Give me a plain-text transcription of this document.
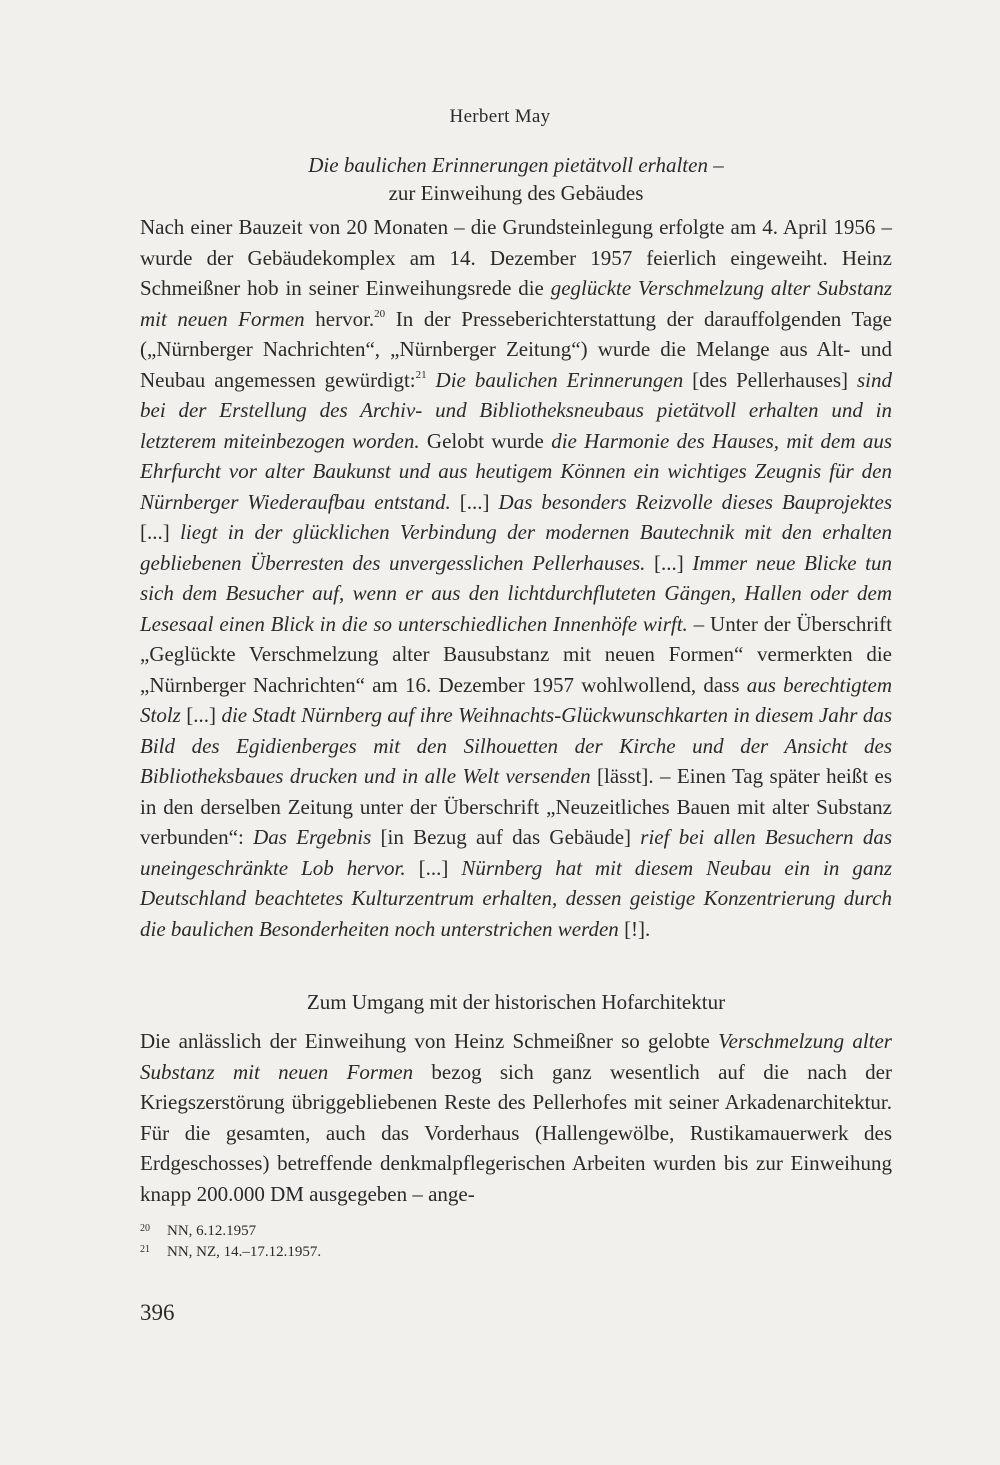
Herbert May
Die baulichen Erinnerungen pietätvoll erhalten –
zur Einweihung des Gebäudes

Nach einer Bauzeit von 20 Monaten – die Grundsteinlegung erfolgte am 4. April 1956 – wurde der Gebäudekomplex am 14. Dezember 1957 feierlich eingeweiht. Heinz Schmeißner hob in seiner Einweihungsrede die geglückte Verschmelzung alter Substanz mit neuen Formen hervor.$^{20}$ In der Presseberichterstattung der darauffolgenden Tage („Nürnberger Nachrichten“, „Nürnberger Zeitung“) wurde die Melange aus Alt- und Neubau angemessen gewürdigt:$^{21}$ Die baulichen Erinnerungen [des Pellerhauses] sind bei der Erstellung des Archiv- und Bibliotheksneubaus pietätvoll erhalten und in letzterem miteinbezogen worden. Gelobt wurde die Harmonie des Hauses, mit dem aus Ehrfurcht vor alter Baukunst und aus heutigem Können ein wichtiges Zeugnis für den Nürnberger Wiederaufbau entstand. [...] Das besonders Reizvolle dieses Bauprojektes [...] liegt in der glücklichen Verbindung der modernen Bautechnik mit den erhalten gebliebenen Überresten des unvergesslichen Pellerhauses. [...] Immer neue Blicke tun sich dem Besucher auf, wenn er aus den lichtdurchfluteten Gängen, Hallen oder dem Lesesaal einen Blick in die so unterschiedlichen Innenhöfe wirft. – Unter der Überschrift „Geglückte Verschmelzung alter Bausubstanz mit neuen Formen“ vermerkten die „Nürnberger Nachrichten“ am 16. Dezember 1957 wohlwollend, dass aus berechtigtem Stolz [...] die Stadt Nürnberg auf ihre Weihnachts-Glückwunschkarten in diesem Jahr das Bild des Egidienberges mit den Silhouetten der Kirche und der Ansicht des Bibliotheksbaues drucken und in alle Welt versenden [lässt]. – Einen Tag später heißt es in den derselben Zeitung unter der Überschrift „Neuzeitliches Bauen mit alter Substanz verbunden“: Das Ergebnis [in Bezug auf das Gebäude] rief bei allen Besuchern das uneingeschränkte Lob hervor. [...] Nürnberg hat mit diesem Neubau ein in ganz Deutschland beachtetes Kulturzentrum erhalten, dessen geistige Konzentrierung durch die baulichen Besonderheiten noch unterstrichen werden [!].

Zum Umgang mit der historischen Hofarchitektur

Die anlässlich der Einweihung von Heinz Schmeißner so gelobte Verschmelzung alter Substanz mit neuen Formen bezog sich ganz wesentlich auf die nach der Kriegszerstörung übriggebliebenen Reste des Pellerhofes mit seiner Arkadenarchitektur. Für die gesamten, auch das Vorderhaus (Hallengewölbe, Rustikamauerwerk des Erdgeschosses) betreffende denkmalpflegerischen Arbeiten wurden bis zur Einweihung knapp 200.000 DM ausgegeben – ange-

20	NN, 6.12.1957
21	NN, NZ, 14.–17.12.1957.
396
